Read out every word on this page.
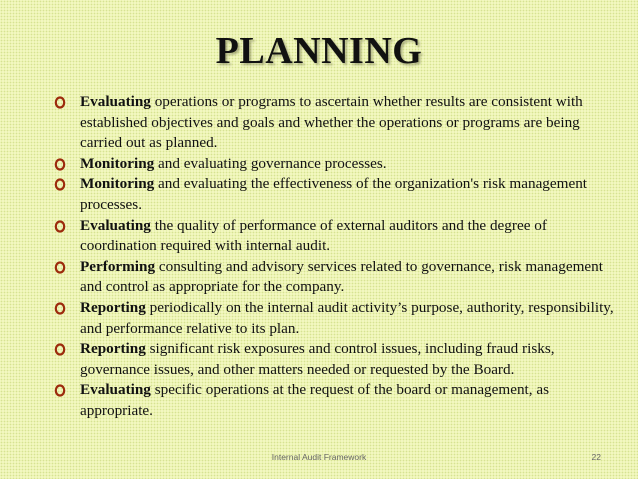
PLANNING
Evaluating operations or programs to ascertain whether results are consistent with established objectives and goals and whether the operations or programs are being carried out as planned.
Monitoring and evaluating governance processes.
Monitoring and evaluating the effectiveness of the organization's risk management processes.
Evaluating the quality of performance of external auditors and the degree of coordination required with internal audit.
Performing consulting and advisory services related to governance, risk management and control as appropriate for the company.
Reporting periodically on the internal audit activity’s purpose, authority, responsibility, and performance relative to its plan.
Reporting significant risk exposures and control issues, including fraud risks, governance issues, and other matters needed or requested by the Board.
Evaluating specific operations at the request of the board or management, as appropriate.
Internal Audit Framework	22
